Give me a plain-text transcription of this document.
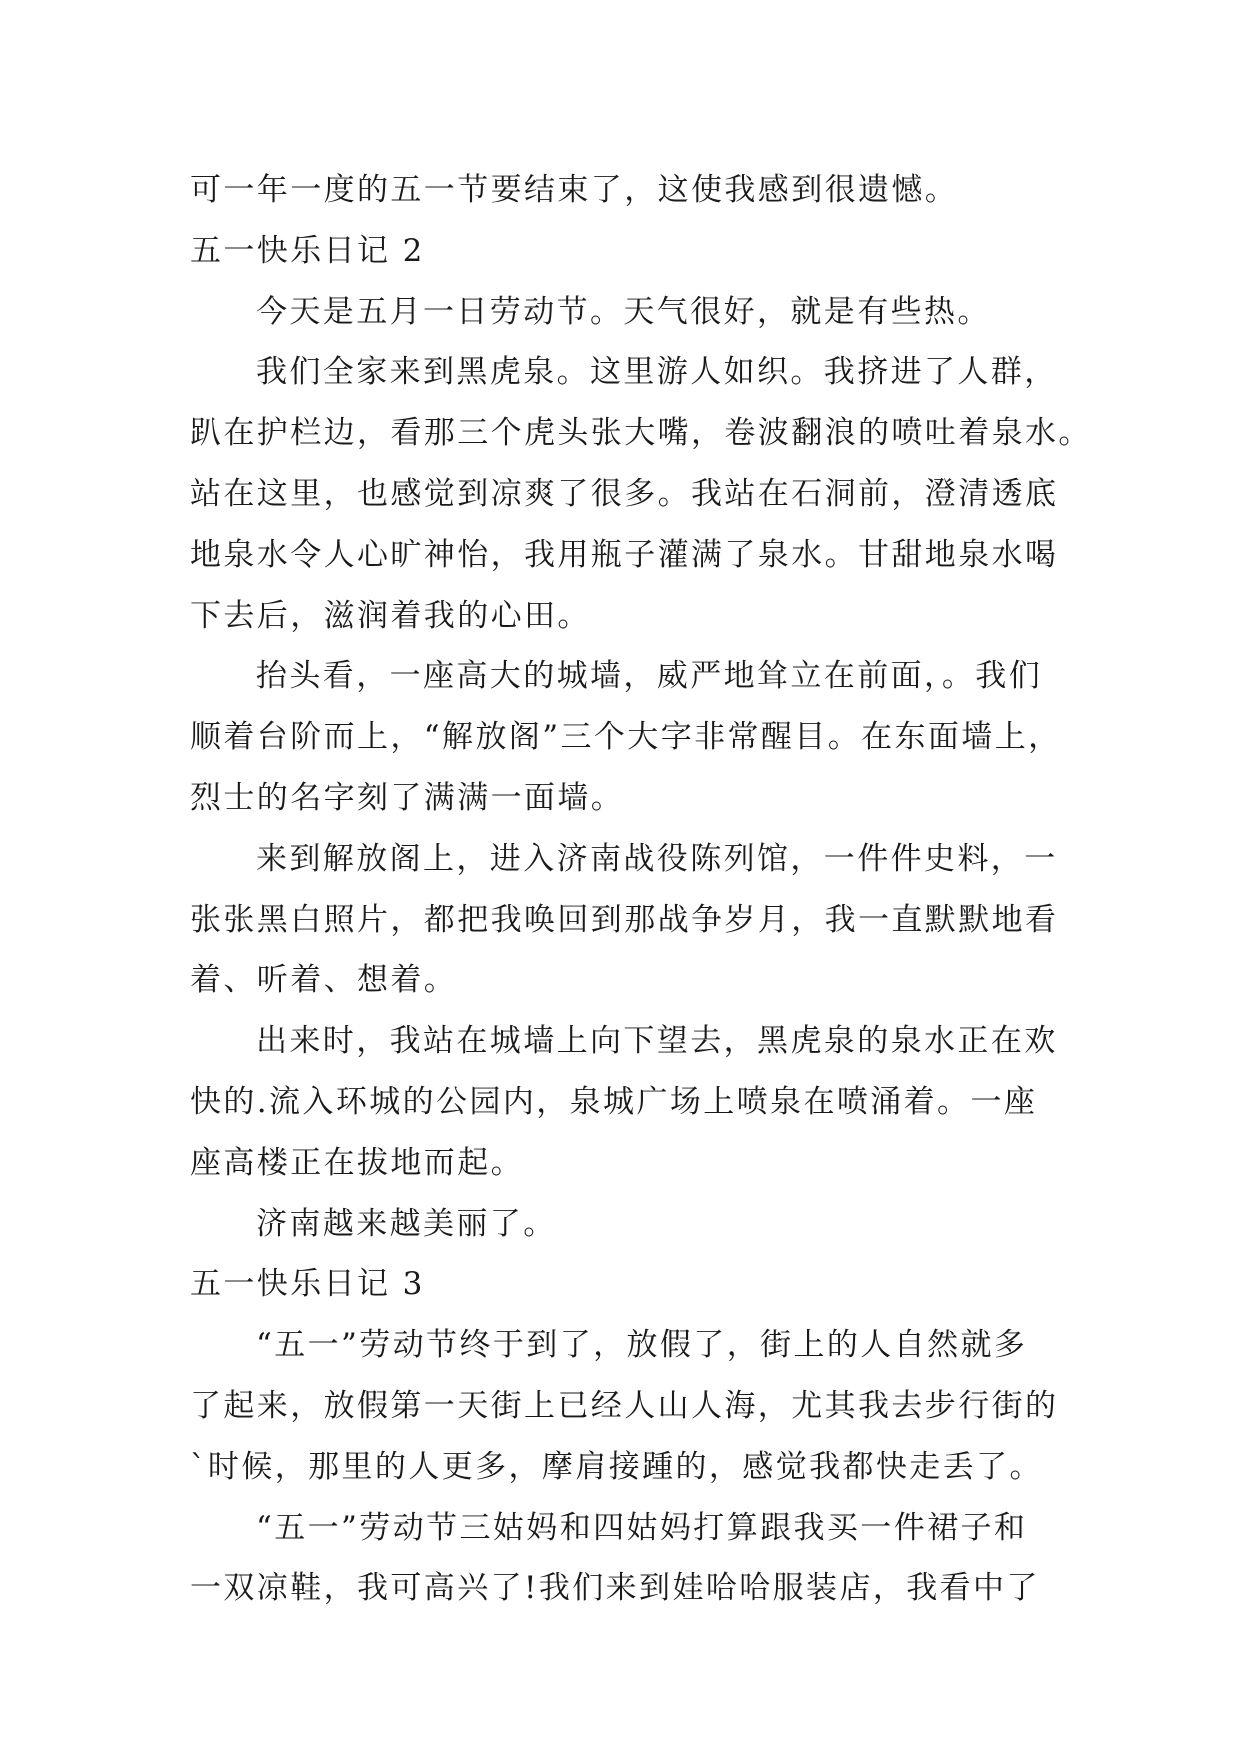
可一年一度的五一节要结束了，这使我感到很遗憾。
五一快乐日记 2
今天是五月一日劳动节。天气很好，就是有些热。
我们全家来到黑虎泉。这里游人如织。我挤进了人群，
趴在护栏边，看那三个虎头张大嘴，卷波翻浪的喷吐着泉水。
站在这里，也感觉到凉爽了很多。我站在石洞前，澄清透底
地泉水令人心旷神怡，我用瓶子灌满了泉水。甘甜地泉水喝
下去后，滋润着我的心田。
抬头看，一座高大的城墙，威严地耸立在前面，。我们
顺着台阶而上，“解放阁”三个大字非常醒目。在东面墙上，
烈士的名字刻了满满一面墙。
来到解放阁上，进入济南战役陈列馆，一件件史料，一
张张黑白照片，都把我唤回到那战争岁月，我一直默默地看
着、听着、想着。
出来时，我站在城墙上向下望去，黑虎泉的泉水正在欢
快的.流入环城的公园内，泉城广场上喷泉在喷涌着。一座
座高楼正在拔地而起。
济南越来越美丽了。
五一快乐日记 3
“五一”劳动节终于到了，放假了，街上的人自然就多
了起来，放假第一天街上已经人山人海，尤其我去步行街的
`时候，那里的人更多，摩肩接踵的，感觉我都快走丢了。
“五一”劳动节三姑妈和四姑妈打算跟我买一件裙子和
一双凉鞋，我可高兴了!我们来到娃哈哈服装店，我看中了
